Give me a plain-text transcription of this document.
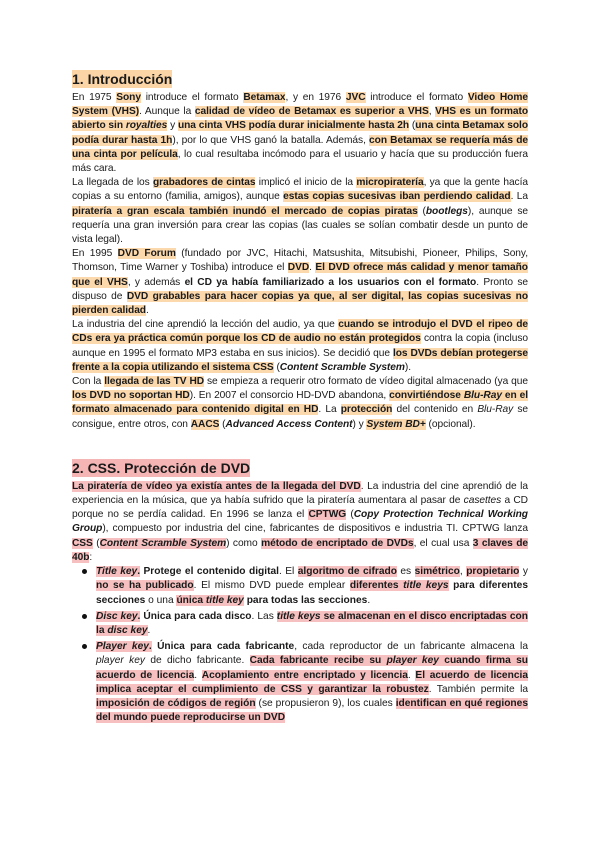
1. Introducción

En 1975 Sony introduce el formato Betamax, y en 1976 JVC introduce el formato Video Home System (VHS). Aunque la calidad de vídeo de Betamax es superior a VHS, VHS es un formato abierto sin royalties y una cinta VHS podía durar inicialmente hasta 2h (una cinta Betamax solo podía durar hasta 1h), por lo que VHS ganó la batalla. Además, con Betamax se requería más de una cinta por película, lo cual resultaba incómodo para el usuario y hacía que su producción fuera más cara.

La llegada de los grabadores de cintas implicó el inicio de la micropiratería, ya que la gente hacía copias a su entorno (familia, amigos), aunque estas copias sucesivas iban perdiendo calidad. La piratería a gran escala también inundó el mercado de copias piratas (bootlegs), aunque se requería una gran inversión para crear las copias (las cuales se solían combatir desde un punto de vista legal).

En 1995 DVD Forum (fundado por JVC, Hitachi, Matsushita, Mitsubishi, Pioneer, Philips, Sony, Thomson, Time Warner y Toshiba) introduce el DVD. El DVD ofrece más calidad y menor tamaño que el VHS, y además el CD ya había familiarizado a los usuarios con el formato. Pronto se dispuso de DVD grabables para hacer copias ya que, al ser digital, las copias sucesivas no pierden calidad.

La industria del cine aprendió la lección del audio, ya que cuando se introdujo el DVD el ripeo de CDs era ya práctica común porque los CD de audio no están protegidos contra la copia (incluso aunque en 1995 el formato MP3 estaba en sus inicios). Se decidió que los DVDs debían protegerse frente a la copia utilizando el sistema CSS (Content Scramble System).

Con la llegada de las TV HD se empieza a requerir otro formato de vídeo digital almacenado (ya que los DVD no soportan HD). En 2007 el consorcio HD-DVD abandona, convirtiéndose Blu-Ray en el formato almacenado para contenido digital en HD. La protección del contenido en Blu-Ray se consigue, entre otros, con AACS (Advanced Access Content) y System BD+ (opcional).

2. CSS. Protección de DVD

La piratería de vídeo ya existía antes de la llegada del DVD. La industria del cine aprendió de la experiencia en la música, que ya había sufrido que la piratería aumentara al pasar de casettes a CD porque no se perdía calidad. En 1996 se lanza el CPTWG (Copy Protection Technical Working Group), compuesto por industria del cine, fabricantes de dispositivos e industria TI. CPTWG lanza CSS (Content Scramble System) como método de encriptado de DVDs, el cual usa 3 claves de 40b:

Title key. Protege el contenido digital. El algoritmo de cifrado es simétrico, propietario y no se ha publicado. El mismo DVD puede emplear diferentes title keys para diferentes secciones o una única title key para todas las secciones.
Disc key. Única para cada disco. Las title keys se almacenan en el disco encriptadas con la disc key.
Player key. Única para cada fabricante, cada reproductor de un fabricante almacena la player key de dicho fabricante. Cada fabricante recibe su player key cuando firma su acuerdo de licencia. Acoplamiento entre encriptado y licencia. El acuerdo de licencia implica aceptar el cumplimiento de CSS y garantizar la robustez. También permite la imposición de códigos de región (se propusieron 9), los cuales identifican en qué regiones del mundo puede reproducirse un DVD
